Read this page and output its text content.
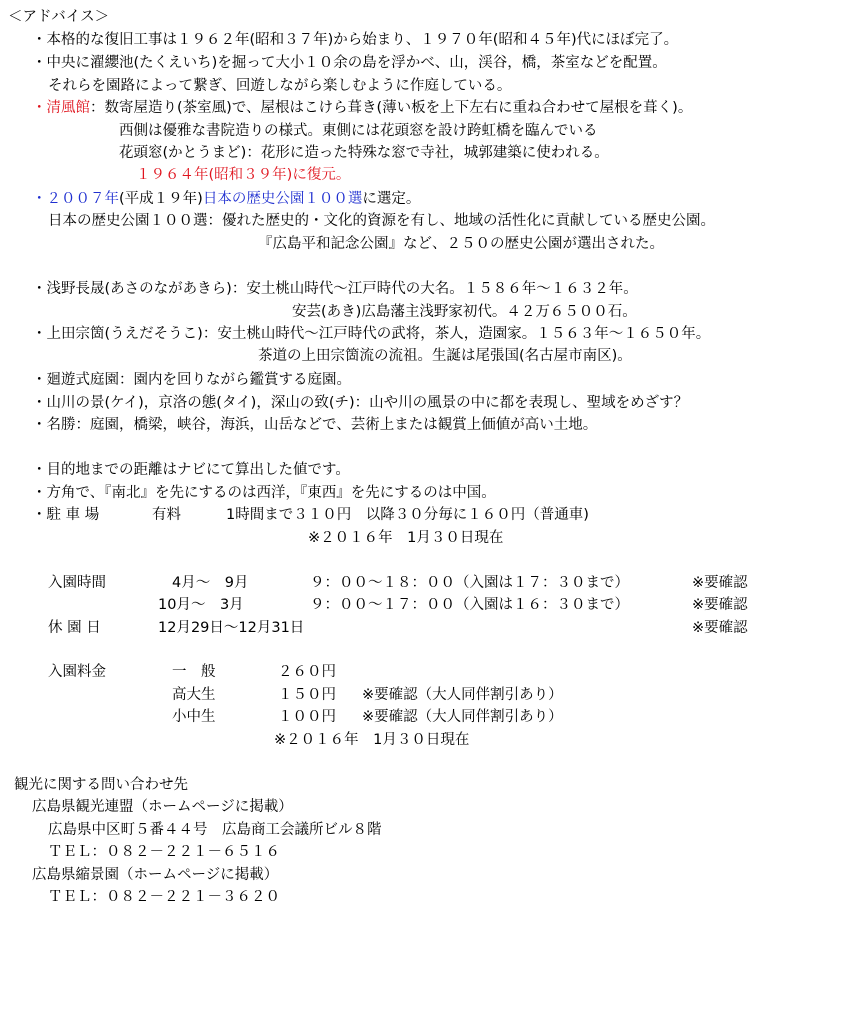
＜アドバイス＞
・本格的な復旧工事は１９６２年(昭和３７年)から始まり、１９７０年(昭和４５年)代にほぼ完了。
・中央に濯纓池(たくえいち)を掘って大小１０余の島を浮かべ、山，渓谷，橋，茶室などを配置。
それらを園路によって繋ぎ、回遊しながら楽しむように作庭している。
・清風館：数寄屋造り(茶室風)で、屋根はこけら葺き(薄い板を上下左右に重ね合わせて屋根を葺く)。
西側は優雅な書院造りの様式。東側には花頭窓を設け跨虹橋を臨んでいる
花頭窓(かとうまど)：花形に造った特殊な窓で寺社，城郭建築に使われる。
１９６４年(昭和３９年)に復元。
・２００７年(平成１９年)日本の歴史公園１００選に選定。
日本の歴史公園１００選：優れた歴史的・文化的資源を有し、地域の活性化に貢献している歴史公園。
『広島平和記念公園』など、２５０の歴史公園が選出された。
・浅野長晟(あさのながあきら)：安土桃山時代～江戸時代の大名。１５８６年～１６３２年。
安芸(あき)広島藩主浅野家初代。４２万６５００石。
・上田宗箇(うえだそうこ)：安土桃山時代～江戸時代の武将，茶人，造園家。１５６３年～１６５０年。
茶道の上田宗箇流の流祖。生誕は尾張国(名古屋市南区)。
・廻遊式庭園：園内を回りながら鑑賞する庭園。
・山川の景(ケイ)，京洛の態(タイ)，深山の致(チ)：山や川の風景の中に都を表現し、聖域をめざす？
・名勝：庭園，橋梁，峡谷，海浜，山岳などで、芸術上または観賞上価値が高い土地。
・目的地までの距離はナビにて算出した値です。
・方角で、『南北』を先にするのは西洋，『東西』を先にするのは中国。
・駐 車 場	有料	1時間まで３１０円　以降３０分毎に１６０円（普通車)
※２０１６年　1月３０日現在
入園時間	4月～　9月	９：００～１８：００（入園は１７：３０まで）	※要確認
10月～　3月	９：００～１７：００（入園は１６：３０まで）	※要確認
休 園 日	12月29日～12月31日	※要確認
入園料金	一　般	２６０円
高大生	１５０円 ※要確認（大人同伴割引あり）
小中生	１００円 ※要確認（大人同伴割引あり）
※２０１６年　1月３０日現在
観光に関する問い合わせ先
広島県観光連盟（ホームページに掲載）
広島県中区町５番４４号　広島商工会議所ビル８階
ＴＥＬ：０８２－２２１－６５１６
広島県縮景園（ホームページに掲載）
ＴＥＬ：０８２－２２１－３６２０
